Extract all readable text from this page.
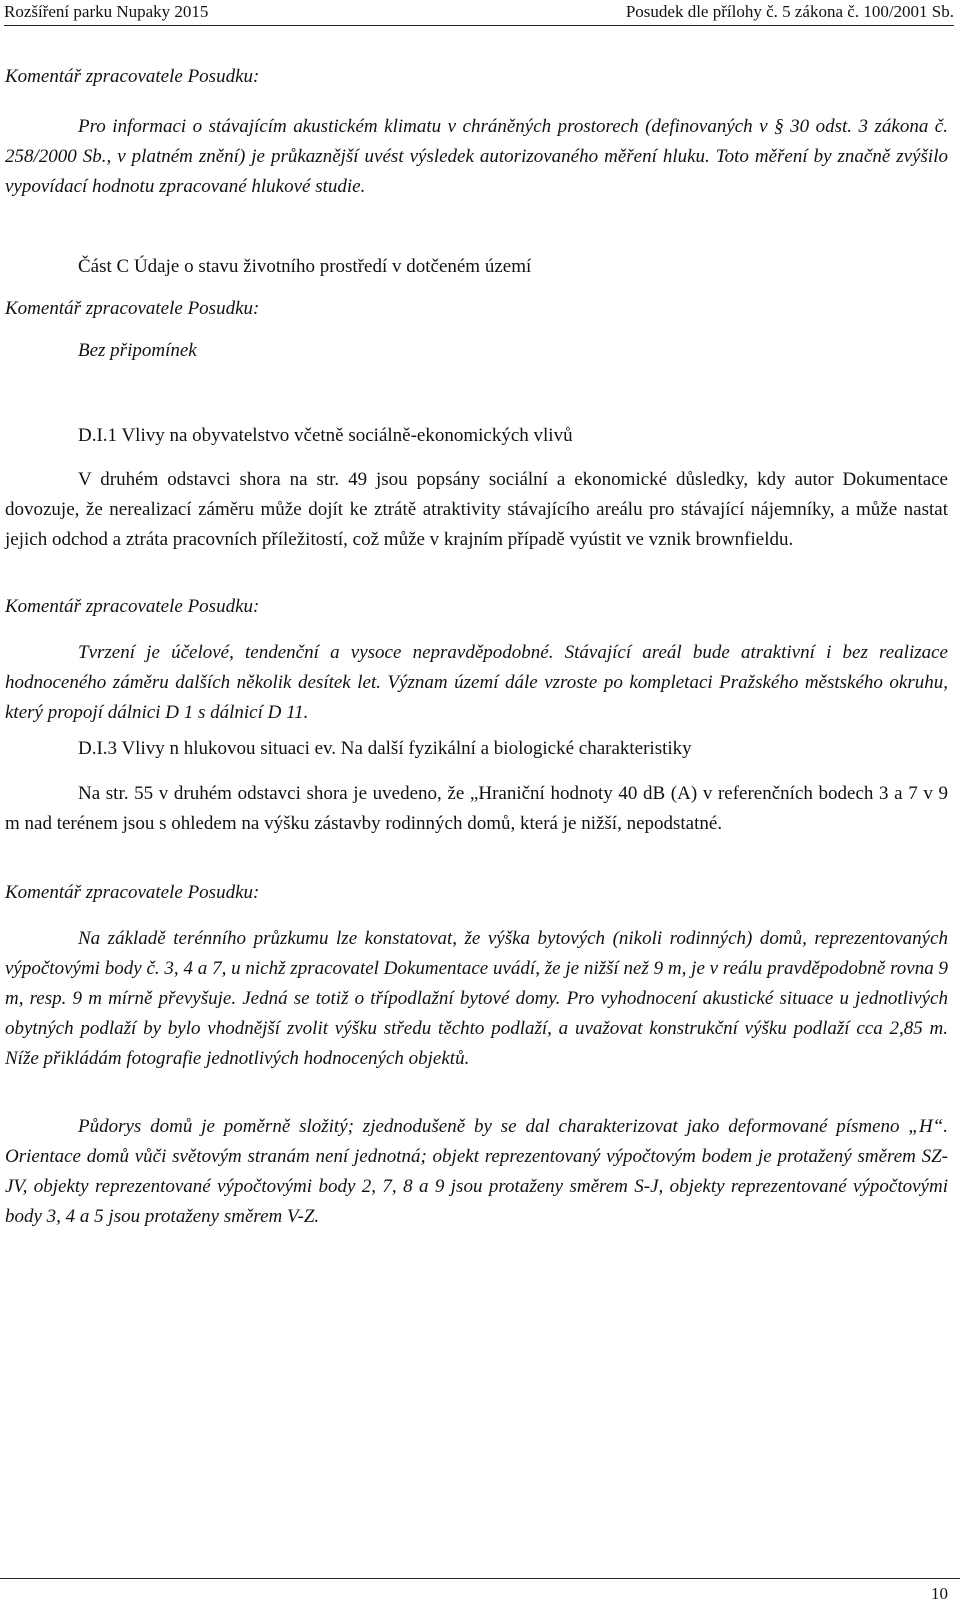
Rozšíření parku Nupaky 2015	Posudek dle přílohy č. 5 zákona č. 100/2001 Sb.
Komentář zpracovatele Posudku:
Pro informaci o stávajícím akustickém klimatu v chráněných prostorech (definovaných v § 30 odst. 3 zákona č. 258/2000 Sb., v platném znění) je průkaznější uvést výsledek autorizovaného měření hluku. Toto měření by značně zvýšilo vypovídací hodnotu zpracované hlukové studie.
Část C Údaje o stavu životního prostředí v dotčeném území
Komentář zpracovatele Posudku:
Bez připomínek
D.I.1 Vlivy na obyvatelstvo včetně sociálně-ekonomických vlivů
V druhém odstavci shora na str. 49 jsou popsány sociální a ekonomické důsledky, kdy autor Dokumentace dovozuje, že nerealizací záměru může dojít ke ztrátě atraktivity stávajícího areálu pro stávající nájemníky, a může nastat jejich odchod a ztráta pracovních příležitostí, což může v krajním případě vyústit ve vznik brownfieldu.
Komentář zpracovatele Posudku:
Tvrzení je účelové, tendenční a vysoce nepravděpodobné. Stávající areál bude atraktivní i bez realizace hodnoceného záměru dalších několik desítek let. Význam území dále vzroste po kompletaci Pražského městského okruhu, který propojí dálnici D 1 s dálnicí D 11.
D.I.3 Vlivy n hlukovou situaci ev. Na další fyzikální a biologické charakteristiky
Na str. 55 v druhém odstavci shora je uvedeno, že „Hraniční hodnoty 40 dB (A) v referenčních bodech 3 a 7 v 9 m nad terénem jsou s ohledem na výšku zástavby rodinných domů, která je nižší, nepodstatné.
Komentář zpracovatele Posudku:
Na základě terénního průzkumu lze konstatovat, že výška bytových (nikoli rodinných) domů, reprezentovaných výpočtovými body č. 3, 4 a 7, u nichž zpracovatel Dokumentace uvádí, že je nižší než 9 m, je v reálu pravděpodobně rovna 9 m, resp. 9 m mírně převyšuje. Jedná se totiž o třípodlažní bytové domy. Pro vyhodnocení akustické situace u jednotlivých obytných podlaží by bylo vhodnější zvolit výšku středu těchto podlaží, a uvažovat konstrukční výšku podlaží cca 2,85 m. Níže přikládám fotografie jednotlivých hodnocených objektů.
Půdorys domů je poměrně složitý; zjednodušeně by se dal charakterizovat jako deformované písmeno „H“. Orientace domů vůči světovým stranám není jednotná; objekt reprezentovaný výpočtovým bodem je protažený směrem SZ-JV, objekty reprezentované výpočtovými body 2, 7, 8 a 9 jsou protaženy směrem S-J, objekty reprezentované výpočtovými body 3, 4 a 5 jsou protaženy směrem V-Z.
10
